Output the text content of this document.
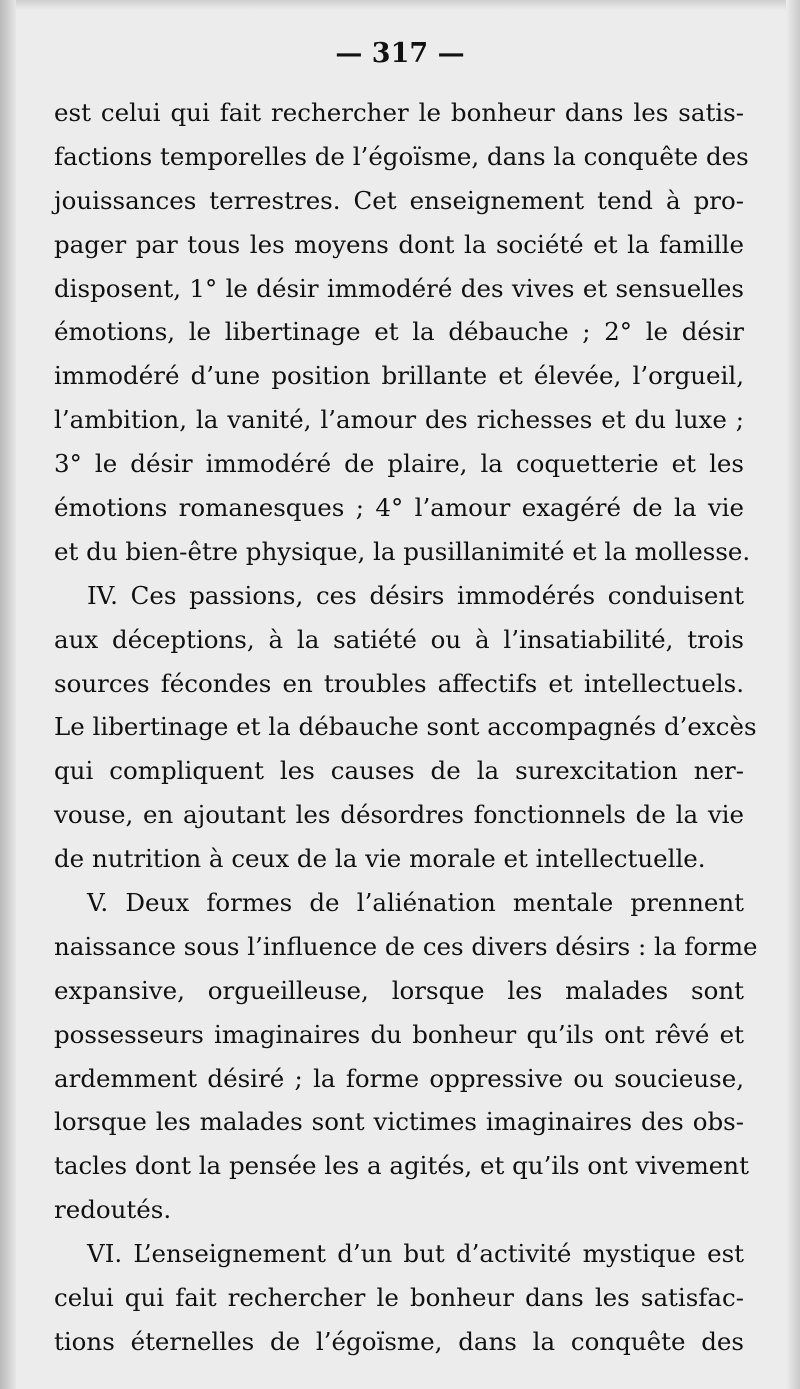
— 317 —
est celui qui fait rechercher le bonheur dans les satis-
factions temporelles de l’égoïsme, dans la conquête des
jouissances terrestres. Cet enseignement tend à pro-
pager par tous les moyens dont la société et la famille
disposent, 1° le désir immodéré des vives et sensuelles
émotions, le libertinage et la débauche ; 2° le désir
immodéré d’une position brillante et élevée, l’orgueil,
l’ambition, la vanité, l’amour des richesses et du luxe ;
3° le désir immodéré de plaire, la coquetterie et les
émotions romanesques ; 4° l’amour exagéré de la vie
et du bien-être physique, la pusillanimité et la mollesse.
IV. Ces passions, ces désirs immodérés conduisent
aux déceptions, à la satiété ou à l’insatiabilité, trois
sources fécondes en troubles affectifs et intellectuels.
Le libertinage et la débauche sont accompagnés d’excès
qui compliquent les causes de la surexcitation ner-
vouse, en ajoutant les désordres fonctionnels de la vie
de nutrition à ceux de la vie morale et intellectuelle.
V. Deux formes de l’aliénation mentale prennent
naissance sous l’influence de ces divers désirs : la forme
expansive, orgueilleuse, lorsque les malades sont
possesseurs imaginaires du bonheur qu’ils ont rêvé et
ardemment désiré ; la forme oppressive ou soucieuse,
lorsque les malades sont victimes imaginaires des obs-
tacles dont la pensée les a agités, et qu’ils ont vivement
redoutés.
VI. L’enseignement d’un but d’activité mystique est
celui qui fait rechercher le bonheur dans les satisfac-
tions éternelles de l’égoïsme, dans la conquête des
